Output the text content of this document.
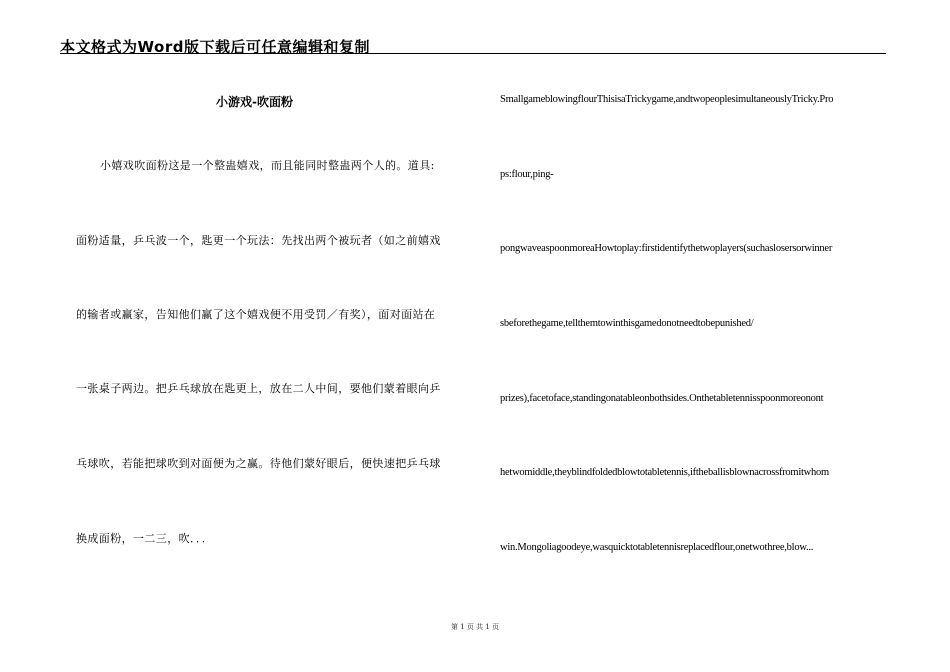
本文格式为Word版下载后可任意编辑和复制
小游戏-吹面粉
小嬉戏吹面粉这是一个整蛊嬉戏，而且能同时整蛊两个人的。道具:
面粉适量，乒乓波一个，匙更一个玩法：先找出两个被玩者（如之前嬉戏
的输者或赢家，告知他们赢了这个嬉戏便不用受罚／有奖），面对面站在
一张桌子两边。把乒乓球放在匙更上，放在二人中间，要他们蒙着眼向乒
乓球吹，若能把球吹到对面便为之赢。待他们蒙好眼后，便快速把乒乓球
换成面粉，一二三，吹．．．
SmallgameblowingflourThisisaTrickygame,andtwopeoplesimultaneouslyTricky.Pro
ps:flour,ping-
pongwaveaspoonmoreaHowtoplay:firstidentifythetwoplayers(suchaslosersorwinner
sbeforethegame,tellthemtowinthisgamedonotneedtobepunished/
prizes),facetoface,standingonatableonbothsides.Onthetabletennisspoonmoreonont
hetwomiddle,theyblindfoldedblowtotabletennis,iftheballisblownacrossfromitwhom
win.Mongoliagoodeye,wasquicktotabletennisreplacedflour,onetwothree,blow...
第 1 页 共 1 页
